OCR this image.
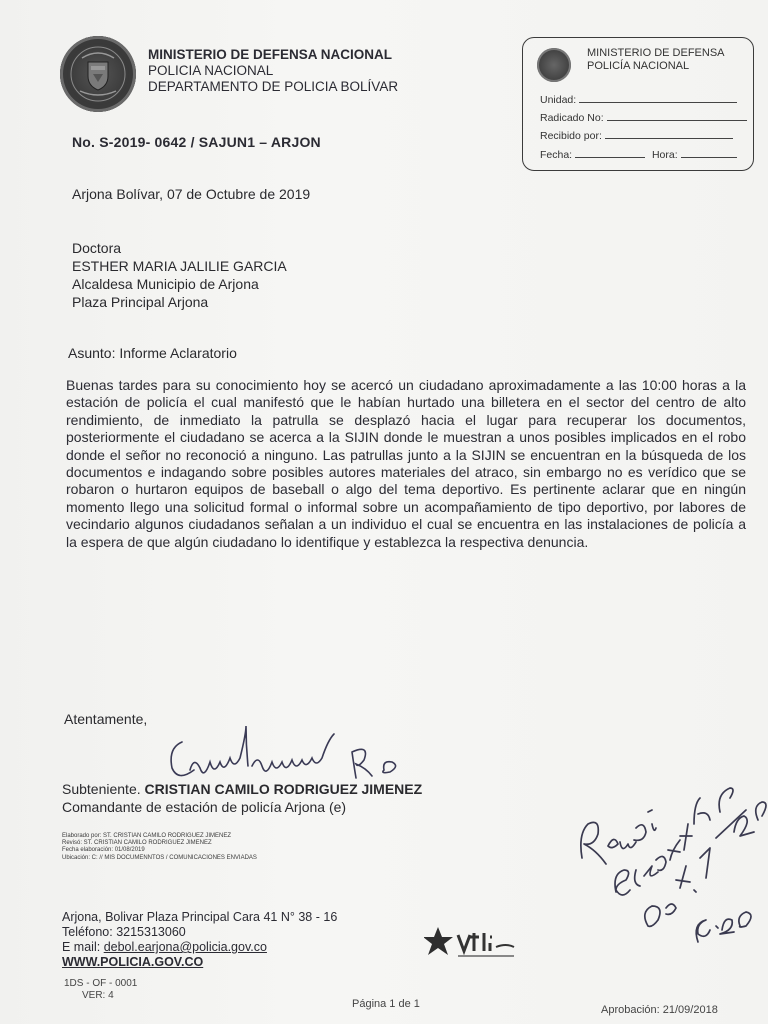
MINISTERIO DE DEFENSA NACIONAL
POLICIA NACIONAL
DEPARTAMENTO DE POLICIA BOLÍVAR
MINISTERIO DE DEFENSA
POLICÍA NACIONAL
Unidad:
Radicado No:
Recibido por:
Fecha:	Hora:
No. S-2019- 0642 / SAJUN1 – ARJON
Arjona Bolívar, 07 de Octubre de 2019
Doctora
ESTHER MARIA JALILIE GARCIA
Alcaldesa Municipio de Arjona
Plaza Principal Arjona
Asunto: Informe Aclaratorio
Buenas tardes para su conocimiento hoy se acercó un ciudadano aproximadamente a las 10:00 horas a la estación de policía el cual manifestó que le habían hurtado una billetera en el sector del centro de alto rendimiento, de inmediato la patrulla se desplazó hacia el lugar para recuperar los documentos, posteriormente el ciudadano se acerca a la SIJIN donde le muestran a unos posibles implicados en el robo donde el señor no reconoció a ninguno. Las patrullas junto a la SIJIN se encuentran en la búsqueda de los documentos e indagando sobre posibles autores materiales del atraco, sin embargo no es verídico que se robaron o hurtaron equipos de baseball o algo del tema deportivo. Es pertinente aclarar que en ningún momento llego una solicitud formal o informal sobre un acompañamiento de tipo deportivo, por labores de vecindario algunos ciudadanos señalan a un individuo el cual se encuentra en las instalaciones de policía a la espera de que algún ciudadano lo identifique y establezca la respectiva denuncia.
Atentamente,
Subteniente. CRISTIAN CAMILO RODRIGUEZ JIMENEZ
Comandante de estación de policía Arjona (e)
Elaborado por: ST. CRISTIAN CAMILO RODRIGUEZ JIMENEZ
Revisó: ST. CRISTIAN CAMILO RODRIGUEZ JIMENEZ
Fecha elaboración: 01/08/2019
Ubicación: C: // MIS DOCUMENNTOS / COMUNICACIONES ENVIADAS
Arjona, Bolivar Plaza Principal Cara 41 N° 38 - 16
Teléfono: 3215313060
E mail: debol.earjona@policia.gov.co
WWW.POLICIA.GOV.CO
1DS - OF - 0001
VER: 4
Página 1 de 1	Aprobación: 21/09/2018
